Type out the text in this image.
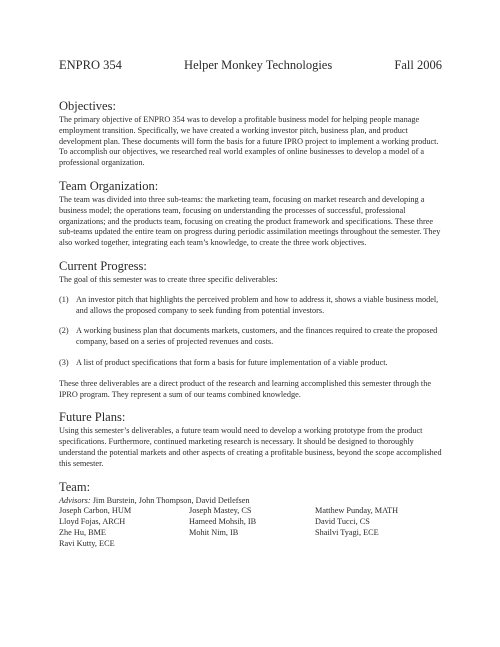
ENPRO 354	Helper Monkey Technologies	Fall 2006

Objectives:

The primary objective of ENPRO 354 was to develop a profitable business model for helping people manage employment transition. Specifically, we have created a working investor pitch, business plan, and product development plan. These documents will form the basis for a future IPRO project to implement a working product. To accomplish our objectives, we researched real world examples of online businesses to develop a model of a professional organization.

Team Organization:

The team was divided into three sub-teams: the marketing team, focusing on market research and developing a business model; the operations team, focusing on understanding the processes of successful, professional organizations; and the products team, focusing on creating the product framework and specifications. These three sub-teams updated the entire team on progress during periodic assimilation meetings throughout the semester. They also worked together, integrating each team’s knowledge, to create the three work objectives.

Current Progress:

The goal of this semester was to create three specific deliverables:

(1) An investor pitch that highlights the perceived problem and how to address it, shows a viable business model, and allows the proposed company to seek funding from potential investors.
(2) A working business plan that documents markets, customers, and the finances required to create the proposed company, based on a series of projected revenues and costs.
(3) A list of product specifications that form a basis for future implementation of a viable product.

These three deliverables are a direct product of the research and learning accomplished this semester through the IPRO program. They represent a sum of our teams combined knowledge.

Future Plans:

Using this semester’s deliverables, a future team would need to develop a working prototype from the product specifications. Furthermore, continued marketing research is necessary. It should be designed to thoroughly understand the potential markets and other aspects of creating a profitable business, beyond the scope accomplished this semester.

Team:

Advisors: Jim Burstein, John Thompson, David Detlefsen
Joseph Carbon, HUM	Joseph Mastey, CS	Matthew Punday, MATH
Lloyd Fojas, ARCH	Hameed Mohsih, IB	David Tucci, CS
Zhe Hu, BME	Mohit Nim, IB	Shailvi Tyagi, ECE
Ravi Kutty, ECE
